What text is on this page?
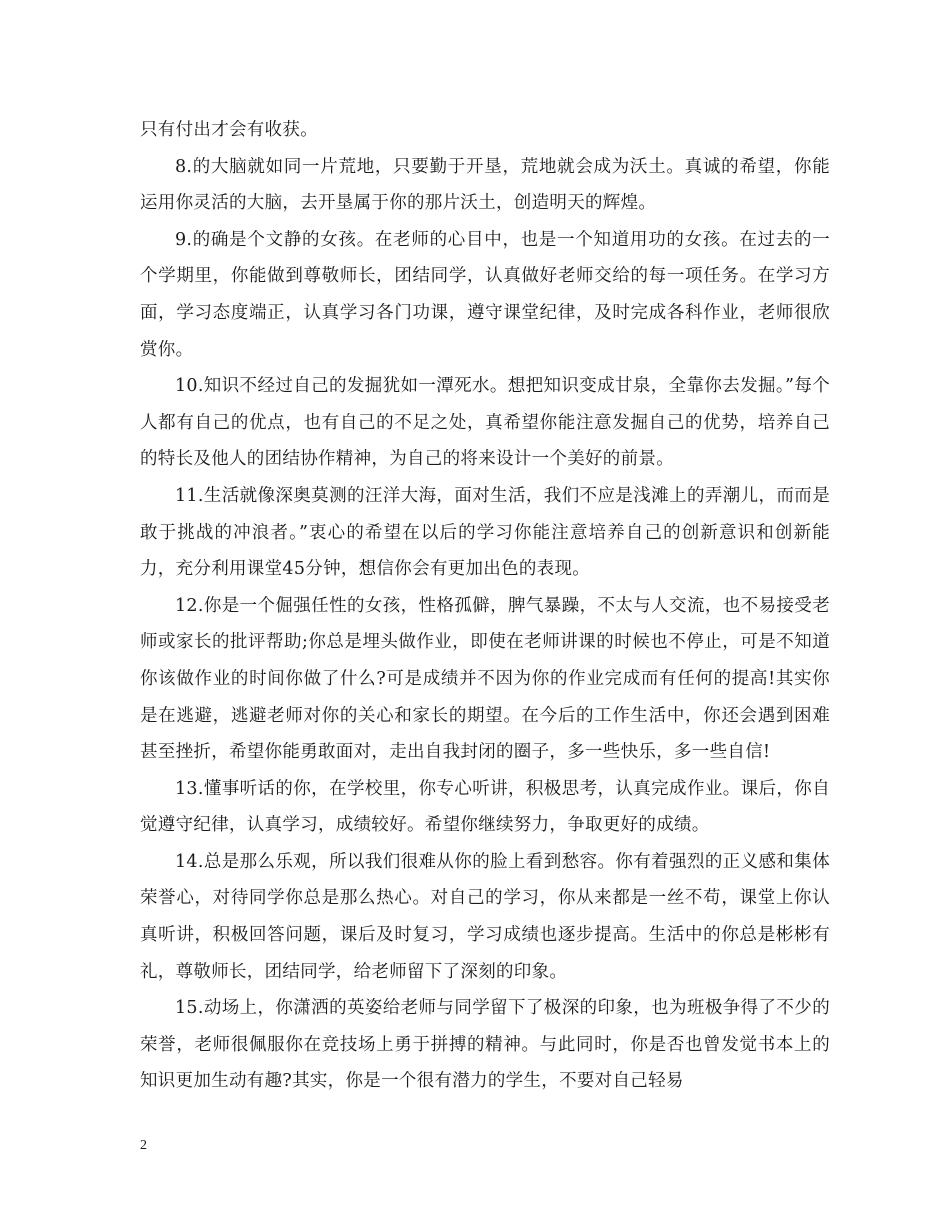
只有付出才会有收获。

8.的大脑就如同一片荒地，只要勤于开垦，荒地就会成为沃土。真诚的希望，你能运用你灵活的大脑，去开垦属于你的那片沃土，创造明天的辉煌。

9.的确是个文静的女孩。在老师的心目中，也是一个知道用功的女孩。在过去的一个学期里，你能做到尊敬师长，团结同学，认真做好老师交给的每一项任务。在学习方面，学习态度端正，认真学习各门功课，遵守课堂纪律，及时完成各科作业，老师很欣赏你。

10.知识不经过自己的发掘犹如一潭死水。想把知识变成甘泉，全靠你去发掘。”每个人都有自己的优点，也有自己的不足之处，真希望你能注意发掘自己的优势，培养自己的特长及他人的团结协作精神，为自己的将来设计一个美好的前景。

11.生活就像深奥莫测的汪洋大海，面对生活，我们不应是浅滩上的弄潮儿，而而是敢于挑战的冲浪者。”衷心的希望在以后的学习你能注意培养自己的创新意识和创新能力，充分利用课堂45分钟，想信你会有更加出色的表现。

12.你是一个倔强任性的女孩，性格孤僻，脾气暴躁，不太与人交流，也不易接受老师或家长的批评帮助;你总是埋头做作业，即使在老师讲课的时候也不停止，可是不知道你该做作业的时间你做了什么?可是成绩并不因为你的作业完成而有任何的提高!其实你是在逃避，逃避老师对你的关心和家长的期望。在今后的工作生活中，你还会遇到困难甚至挫折，希望你能勇敢面对，走出自我封闭的圈子，多一些快乐，多一些自信!

13.懂事听话的你，在学校里，你专心听讲，积极思考，认真完成作业。课后，你自觉遵守纪律，认真学习，成绩较好。希望你继续努力，争取更好的成绩。

14.总是那么乐观，所以我们很难从你的脸上看到愁容。你有着强烈的正义感和集体荣誉心，对待同学你总是那么热心。对自己的学习，你从来都是一丝不苟，课堂上你认真听讲，积极回答问题，课后及时复习，学习成绩也逐步提高。生活中的你总是彬彬有礼，尊敬师长，团结同学，给老师留下了深刻的印象。

15.动场上，你潇洒的英姿给老师与同学留下了极深的印象，也为班极争得了不少的荣誉，老师很佩服你在竞技场上勇于拼搏的精神。与此同时，你是否也曾发觉书本上的知识更加生动有趣?其实，你是一个很有潜力的学生，不要对自己轻易

2
